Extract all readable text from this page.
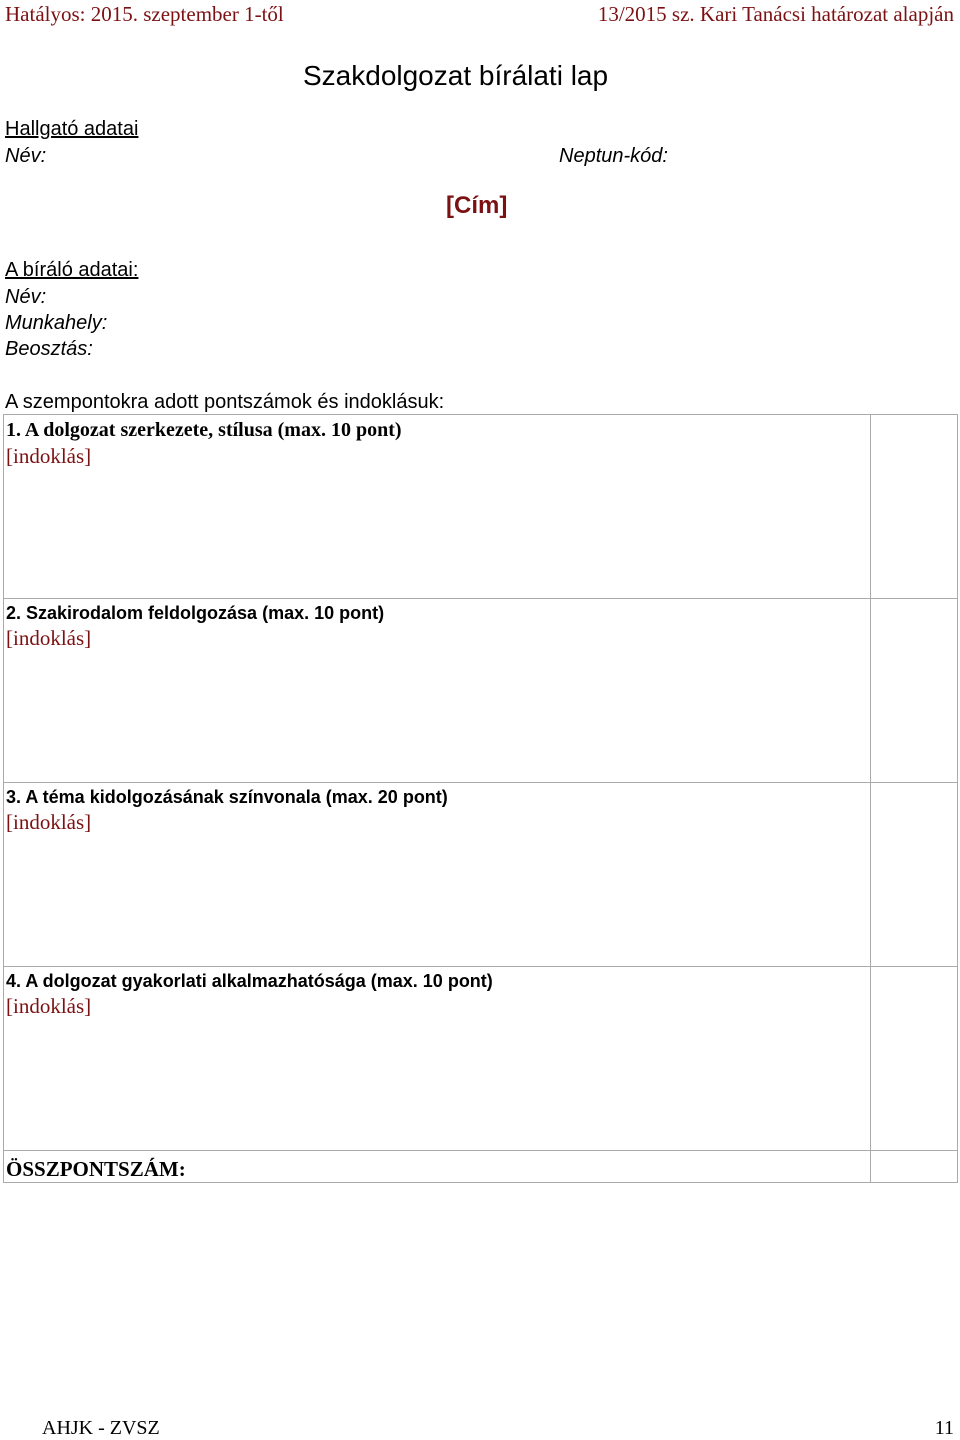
Hatályos: 2015. szeptember 1-től	13/2015 sz. Kari Tanácsi határozat alapján
Szakdolgozat bírálati lap
Hallgató adatai
Név:	Neptun-kód:
[Cím]
A bíráló adatai:
Név:
Munkahely:
Beosztás:
A szempontokra adott pontszámok és indoklásuk:
1. A dolgozat szerkezete, stílusa (max. 10 pont)
[indoklás]	

2. Szakirodalom feldolgozása (max. 10 pont)
[indoklás]	

3. A téma kidolgozásának színvonala (max. 20 pont)
[indoklás]	

4. A dolgozat gyakorlati alkalmazhatósága (max. 10 pont)
[indoklás]	

ÖSSZPONTSZÁM:	

AHJK - ZVSZ	11
